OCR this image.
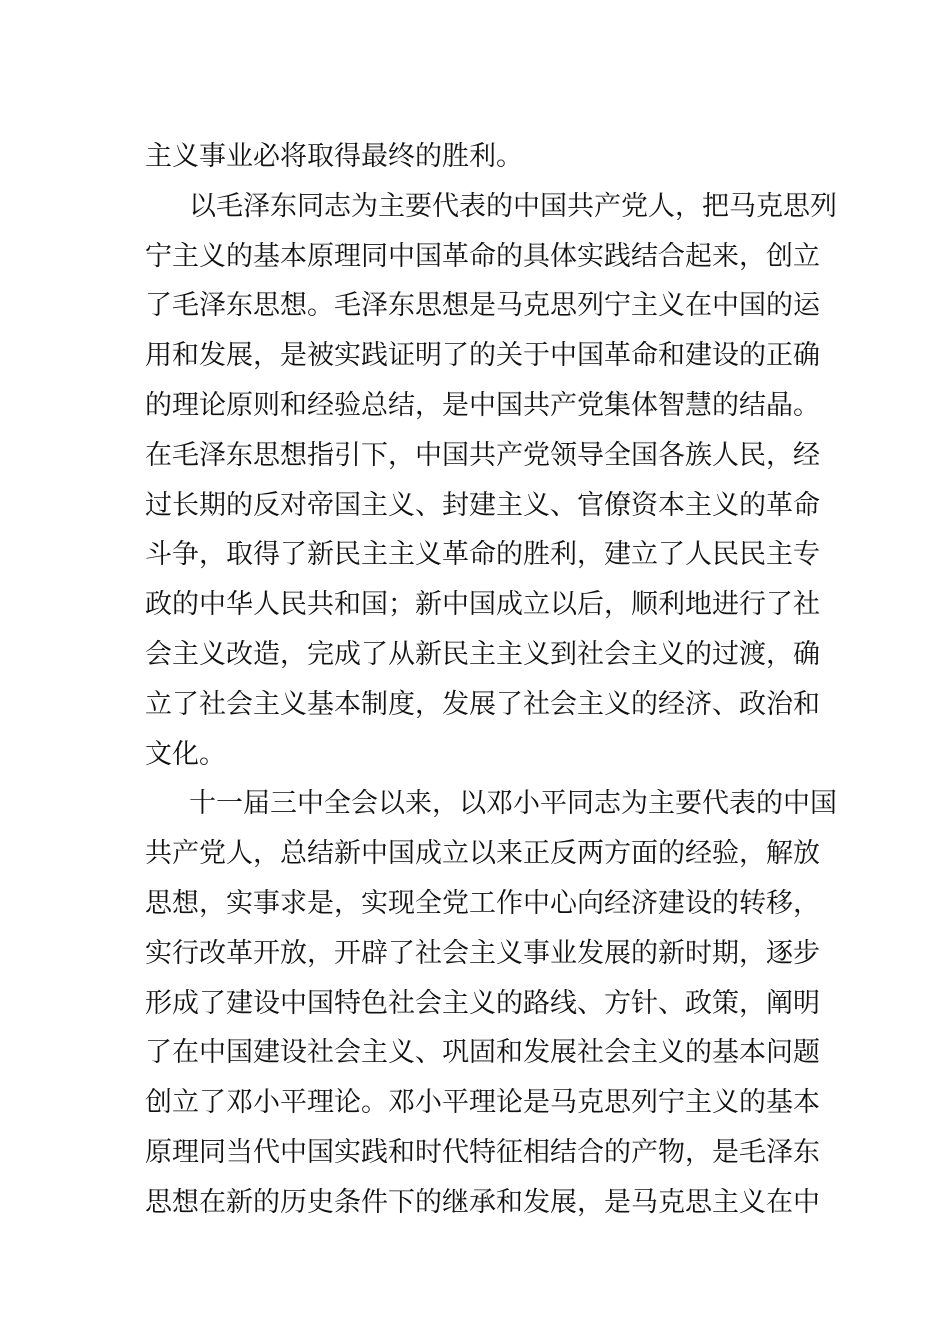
主义事业必将取得最终的胜利。
以毛泽东同志为主要代表的中国共产党人，把马克思列
宁主义的基本原理同中国革命的具体实践结合起来，创立
了毛泽东思想。毛泽东思想是马克思列宁主义在中国的运
用和发展，是被实践证明了的关于中国革命和建设的正确
的理论原则和经验总结，是中国共产党集体智慧的结晶。
在毛泽东思想指引下，中国共产党领导全国各族人民，经
过长期的反对帝国主义、封建主义、官僚资本主义的革命
斗争，取得了新民主主义革命的胜利，建立了人民民主专
政的中华人民共和国；新中国成立以后，顺利地进行了社
会主义改造，完成了从新民主主义到社会主义的过渡，确
立了社会主义基本制度，发展了社会主义的经济、政治和
文化。
十一届三中全会以来，以邓小平同志为主要代表的中国
共产党人，总结新中国成立以来正反两方面的经验，解放
思想，实事求是，实现全党工作中心向经济建设的转移，
实行改革开放，开辟了社会主义事业发展的新时期，逐步
形成了建设中国特色社会主义的路线、方针、政策，阐明
了在中国建设社会主义、巩固和发展社会主义的基本问题
创立了邓小平理论。邓小平理论是马克思列宁主义的基本
原理同当代中国实践和时代特征相结合的产物，是毛泽东
思想在新的历史条件下的继承和发展，是马克思主义在中
